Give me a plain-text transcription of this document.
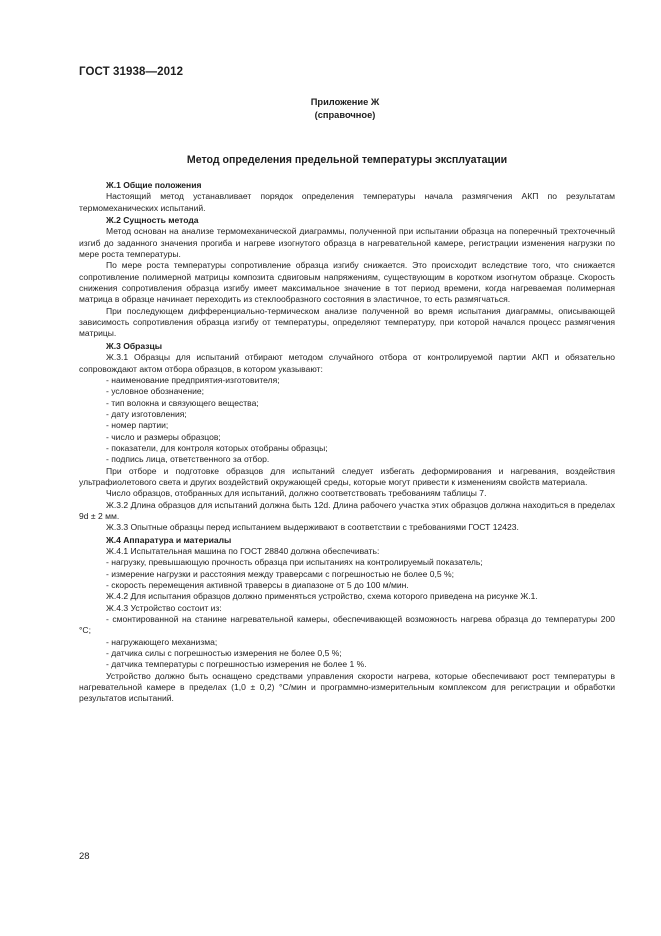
ГОСТ 31938—2012
Приложение Ж
(справочное)
Метод определения предельной температуры эксплуатации

Ж.1 Общие положения

Настоящий метод устанавливает порядок определения температуры начала размягчения АКП по результатам термомеханических испытаний.

Ж.2 Сущность метода

Метод основан на анализе термомеханической диаграммы, полученной при испытании образца на поперечный трехточечный изгиб до заданного значения прогиба и нагреве изогнутого образца в нагревательной камере, регистрации изменения нагрузки по мере роста температуры.

По мере роста температуры сопротивление образца изгибу снижается. Это происходит вследствие того, что снижается сопротивление полимерной матрицы композита сдвиговым напряжениям, существующим в коротком изогнутом образце. Скорость снижения сопротивления образца изгибу имеет максимальное значение в тот период времени, когда нагреваемая полимерная матрица в образце начинает переходить из стеклообразного состояния в эластичное, то есть размягчаться.

При последующем дифференциально-термическом анализе полученной во время испытания диаграммы, описывающей зависимость сопротивления образца изгибу от температуры, определяют температуру, при которой начался процесс размягчения матрицы.

Ж.3 Образцы

Ж.3.1 Образцы для испытаний отбирают методом случайного отбора от контролируемой партии АКП и обязательно сопровождают актом отбора образцов, в котором указывают:

- наименование предприятия-изготовителя;

- условное обозначение;

- тип волокна и связующего вещества;

- дату изготовления;

- номер партии;

- число и размеры образцов;

- показатели, для контроля которых отобраны образцы;

- подпись лица, ответственного за отбор.

При отборе и подготовке образцов для испытаний следует избегать деформирования и нагревания, воздействия ультрафиолетового света и других воздействий окружающей среды, которые могут привести к изменениям свойств материала.

Число образцов, отобранных для испытаний, должно соответствовать требованиям таблицы 7.

Ж.3.2 Длина образцов для испытаний должна быть 12d. Длина рабочего участка этих образцов должна находиться в пределах 9d ± 2 мм.

Ж.3.3 Опытные образцы перед испытанием выдерживают в соответствии с требованиями ГОСТ 12423.

Ж.4 Аппаратура и материалы

Ж.4.1 Испытательная машина по ГОСТ 28840 должна обеспечивать:

- нагрузку, превышающую прочность образца при испытаниях на контролируемый показатель;

- измерение нагрузки и расстояния между траверсами с погрешностью не более 0,5 %;

- скорость перемещения активной траверсы в диапазоне от 5 до 100 м/мин.

Ж.4.2 Для испытания образцов должно применяться устройство, схема которого приведена на рисунке Ж.1.

Ж.4.3 Устройство состоит из:

- смонтированной на станине нагревательной камеры, обеспечивающей возможность нагрева образца до температуры 200 °С;

- нагружающего механизма;

- датчика силы с погрешностью измерения не более 0,5 %;

- датчика температуры с погрешностью измерения не более 1 %.

Устройство должно быть оснащено средствами управления скорости нагрева, которые обеспечивают рост температуры в нагревательной камере в пределах (1,0 ± 0,2) °С/мин и программно-измерительным комплексом для регистрации и обработки результатов испытаний.

28
